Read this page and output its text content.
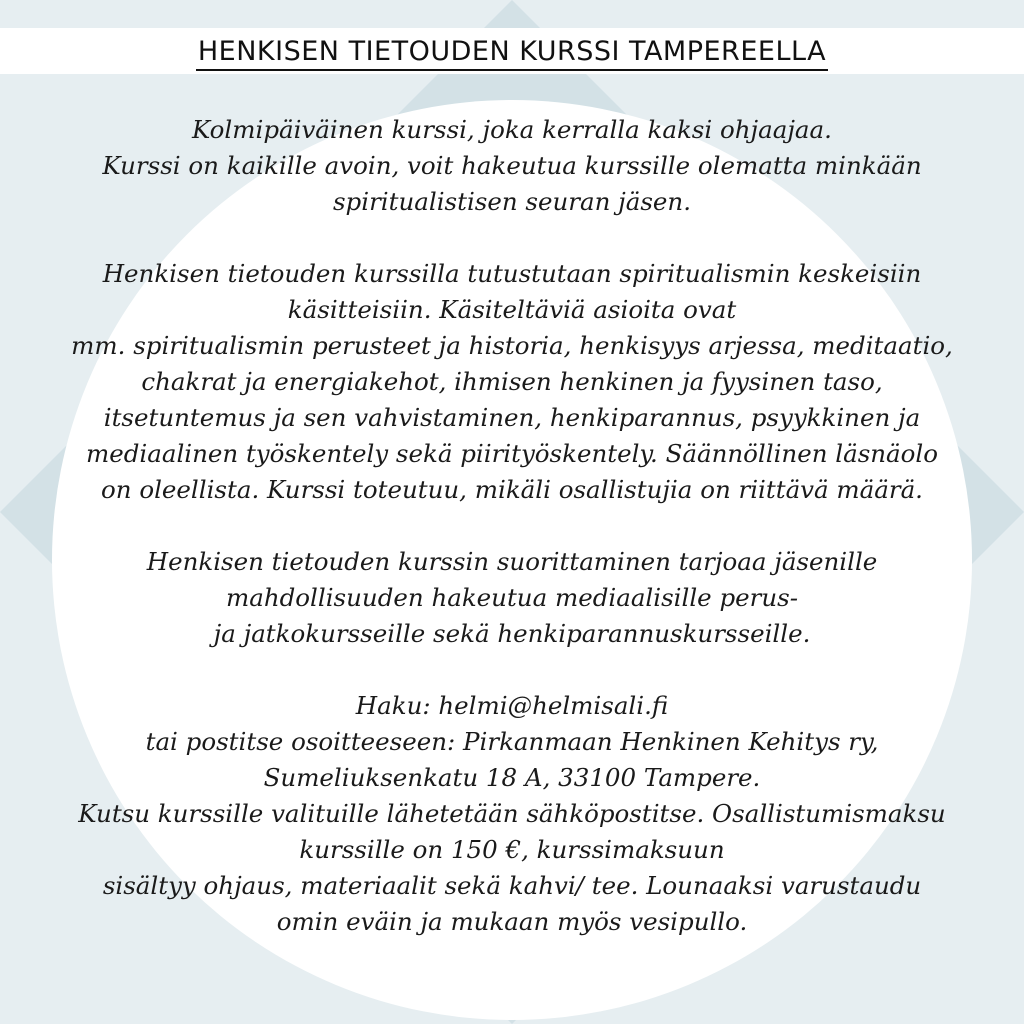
HENKISEN TIETOUDEN KURSSI TAMPEREELLA
Kolmipäiväinen kurssi, joka kerralla kaksi ohjaajaa.
Kurssi on kaikille avoin, voit hakeutua kurssille olematta minkään
spiritualistisen seuran jäsen.
Henkisen tietouden kurssilla tutustutaan spiritualismin keskeisiin
käsitteisiin. Käsiteltäviä asioita ovat
mm. spiritualismin perusteet ja historia, henkisyys arjessa, meditaatio,
chakrat ja energiakehot, ihmisen henkinen ja fyysinen taso,
itsetuntemus ja sen vahvistaminen, henkiparannus, psyykkinen ja
mediaalinen työskentely sekä piirityöskentely. Säännöllinen läsnäolo
on oleellista. Kurssi toteutuu, mikäli osallistujia on riittävä määrä.
Henkisen tietouden kurssin suorittaminen tarjoaa jäsenille
mahdollisuuden hakeutua mediaalisille perus-
ja jatkokursseille sekä henkiparannuskursseille.
Haku: helmi@helmisali.fi
tai postitse osoitteeseen: Pirkanmaan Henkinen Kehitys ry,
Sumeliuksenkatu 18 A, 33100 Tampere.
Kutsu kurssille valituille lähetetään sähköpostitse. Osallistumismaksu
kurssille on 150 €, kurssimaksuun
sisältyy ohjaus, materiaalit sekä kahvi/ tee. Lounaaksi varustaudu
omin eväin ja mukaan myös vesipullo.
